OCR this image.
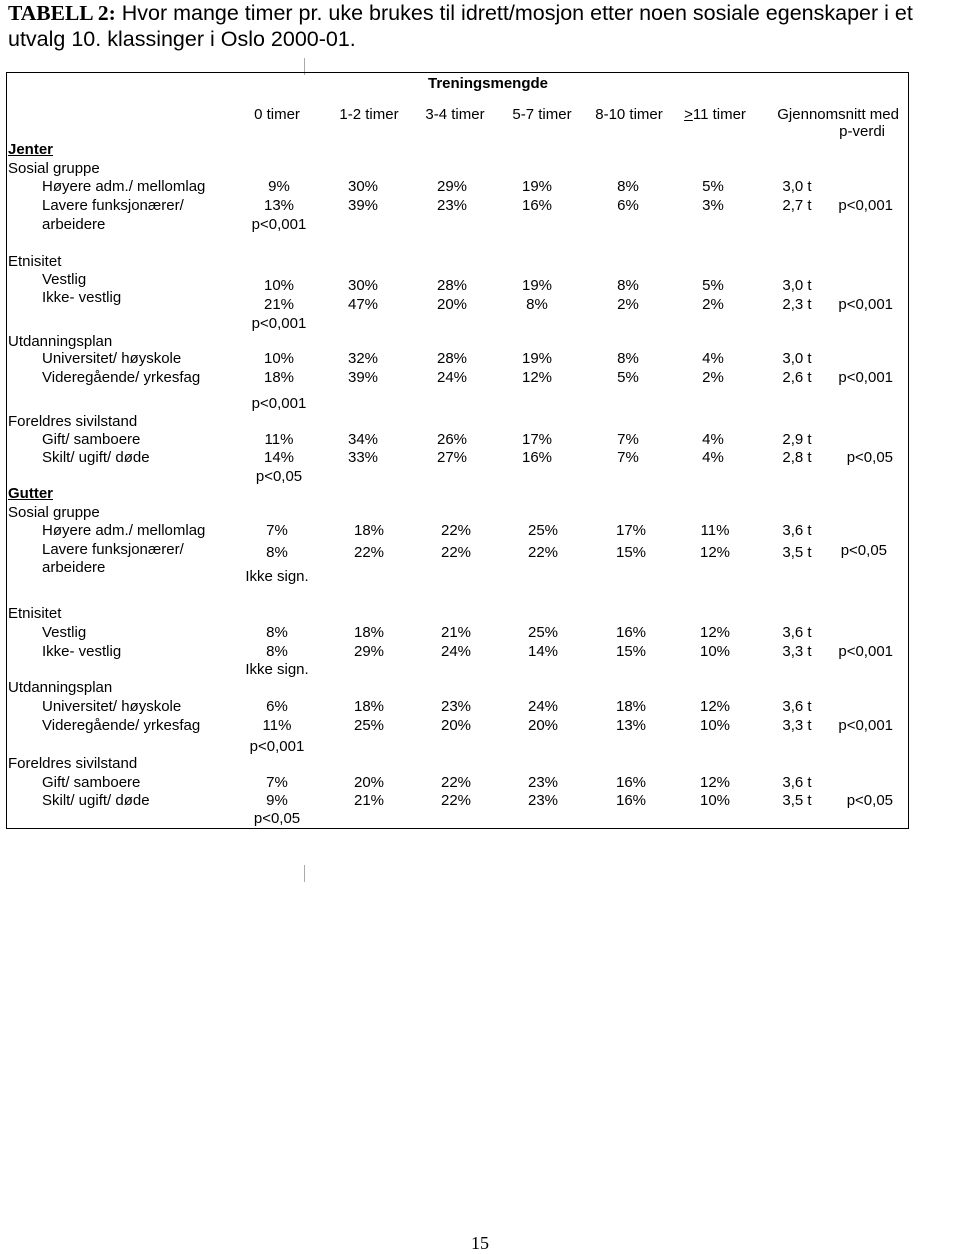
TABELL 2: Hvor mange timer pr. uke brukes til idrett/mosjon etter noen sosiale egenskaper i et utvalg 10. klassinger i Oslo 2000-01.
Treningsmengde
0 timer	1-2 timer 3-4 timer 5-7 timer 8-10 timer ≥11 timer Gjennomsnitt med
p-verdi
Jenter
Sosial gruppe
Høyere adm./ mellomlag	9%	30%	29%	19%	8%	5%	3,0 t
Lavere funksjonærer/
arbeidere
13%	39%	23%	16%	6%	3%	2,7 t p<0,001
p<0,001
Etnisitet
Vestlig	10%	30%	28%	19%	8%	5%	3,0 t
Ikke- vestlig	21%	47%	20%	8%	2%	2%	2,3 t p<0,001
p<0,001
Utdanningsplan
Universitet/ høyskole	10%	32%	28%	19%	8%	4%	3,0 t
Videregående/ yrkesfag	18%	39%	24%	12%	5%	2%	2,6 t p<0,001
p<0,001
Foreldres sivilstand
Gift/ samboere	11%	34%	26%	17%	7%	4%	2,9 t
Skilt/ ugift/ døde	14%	33%	27%	16%	7%	4%	2,8 t p<0,05
p<0,05
Gutter
Sosial gruppe
Høyere adm./ mellomlag	7%	18%	22%	25%	17%	11%	3,6 t
Lavere funksjonærer/
arbeidere
8%	22%	22%	22%	15%	12%	3,5 t p<0,05
Ikke sign.
Etnisitet
Vestlig	8%	18%	21%	25%	16%	12%	3,6 t
Ikke- vestlig	8%	29%	24%	14%	15%	10%	3,3 t p<0,001
Ikke sign.
Utdanningsplan
Universitet/ høyskole	6%	18%	23%	24%	18%	12%	3,6 t
Videregående/ yrkesfag	11%	25%	20%	20%	13%	10%	3,3 t p<0,001
p<0,001
Foreldres sivilstand
Gift/ samboere	7%	20%	22%	23%	16%	12%	3,6 t
Skilt/ ugift/ døde	9%	21%	22%	23%	16%	10%	3,5 t p<0,05
p<0,05
15
